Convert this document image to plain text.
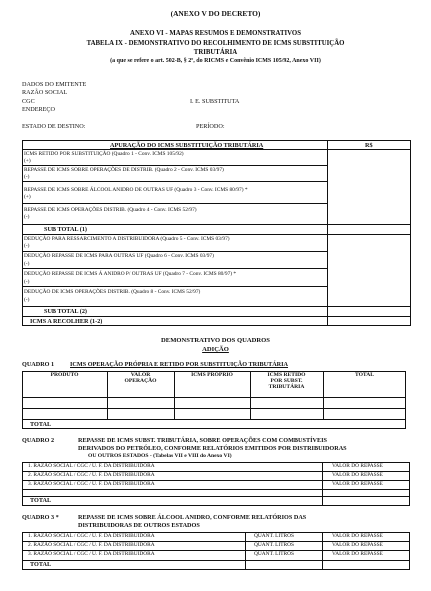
(ANEXO V DO DECRETO)
ANEXO VI - MAPAS RESUMOS E DEMONSTRATIVOS
TABELA IX - DEMONSTRATIVO DO RECOLHIMENTO DE ICMS SUBSTITUIÇÃO
TRIBUTÁRIA
(a que se refere o art. 502-B, § 2º, do RICMS e Convênio ICMS 105/92, Anexo VII)
DADOS DO EMITENTE
RAZÃO SOCIAL
CGC	I. E. SUBSTITUTA
ENDEREÇO
ESTADO DE DESTINO:	PERÍODO:
APURAÇÃO DO ICMS SUBSTITUIÇÃO TRIBUTÁRIA	R$
ICMS RETIDO POR SUBSTITUIÇÃO (Quadro 1 - Conv. ICMS 105/92)
(+)
REPASSE DE ICMS SOBRE OPERAÇÕES DE DISTRIB. (Quadro 2 - Conv. ICMS 03/97)
(-)
REPASSE DE ICMS SOBRE ÁLCOOL ANIDRO DE OUTRAS UF (Quadro 3 - Conv. ICMS 80/97) *
(+)
REPASSE DE ICMS OPERAÇÕES DISTRIB. (Quadro 4 - Conv. ICMS 52/97)
(-)
SUB TOTAL (1)
DEDUÇÃO PARA RESSARCIMENTO A DISTRIBUIDORA (Quadro 5 - Conv. ICMS 03/97)
(-)
DEDUÇÃO REPASSE DE ICMS PARA OUTRAS UF (Quadro 6 - Conv. ICMS 03/97)
(-)
DEDUÇÃO REPASSE DE ICMS Á ANIDRO P/ OUTRAS UF (Quadro 7 - Conv. ICMS 80/97) *
(-)
DEDUÇÃO DE ICMS OPERAÇÕES DISTRIB. (Quadro 8 - Conv. ICMS 52/97)
(-)
SUB TOTAL (2)
ICMS A RECOLHER (1-2)
DEMONSTRATIVO DOS QUADROS
ADIÇÃO
QUADRO 1	ICMS OPERAÇÃO PRÓPRIA E RETIDO POR SUBSTITUIÇÃO TRIBUTÁRIA
PRODUTO	VALOR
OPERAÇÃO
ICMS PRÓPRIO	ICMS RETIDO
POR SUBST.
TRIBUTÁRIA
TOTAL
TOTAL
QUADRO 2	REPASSE DE ICMS SUBST. TRIBUTÁRIA, SOBRE OPERAÇÕES COM COMBUSTÍVEIS
DERIVADOS DO PETRÓLEO, CONFORME RELATÓRIOS EMITIDOS POR DISTRIBUIDORAS
OU OUTROS ESTADOS - (Tabelas VII e VIII do Anexo VI)
1. RAZÃO SOCIAL / CGC / U. F. DA DISTRIBUIDORA	VALOR DO REPASSE
2. RAZÃO SOCIAL / CGC / U. F. DA DISTRIBUIDORA	VALOR DO REPASSE
3. RAZÃO SOCIAL / CGC / U. F. DA DISTRIBUIDORA	VALOR DO REPASSE
TOTAL
QUADRO 3 *	REPASSE DE ICMS SOBRE ÁLCOOL ANIDRO, CONFORME RELATÓRIOS DAS
DISTRIBUIDORAS DE OUTROS ESTADOS
1. RAZÃO SOCIAL / CGC / U. F. DA DISTRIBUIDORA	QUANT. LITROS	VALOR DO REPASSE
2. RAZÃO SOCIAL / CGC / U. F. DA DISTRIBUIDORA	QUANT. LITROS	VALOR DO REPASSE
3. RAZÃO SOCIAL / CGC / U. F. DA DISTRIBUIDORA	QUANT. LITROS	VALOR DO REPASSE
TOTAL
